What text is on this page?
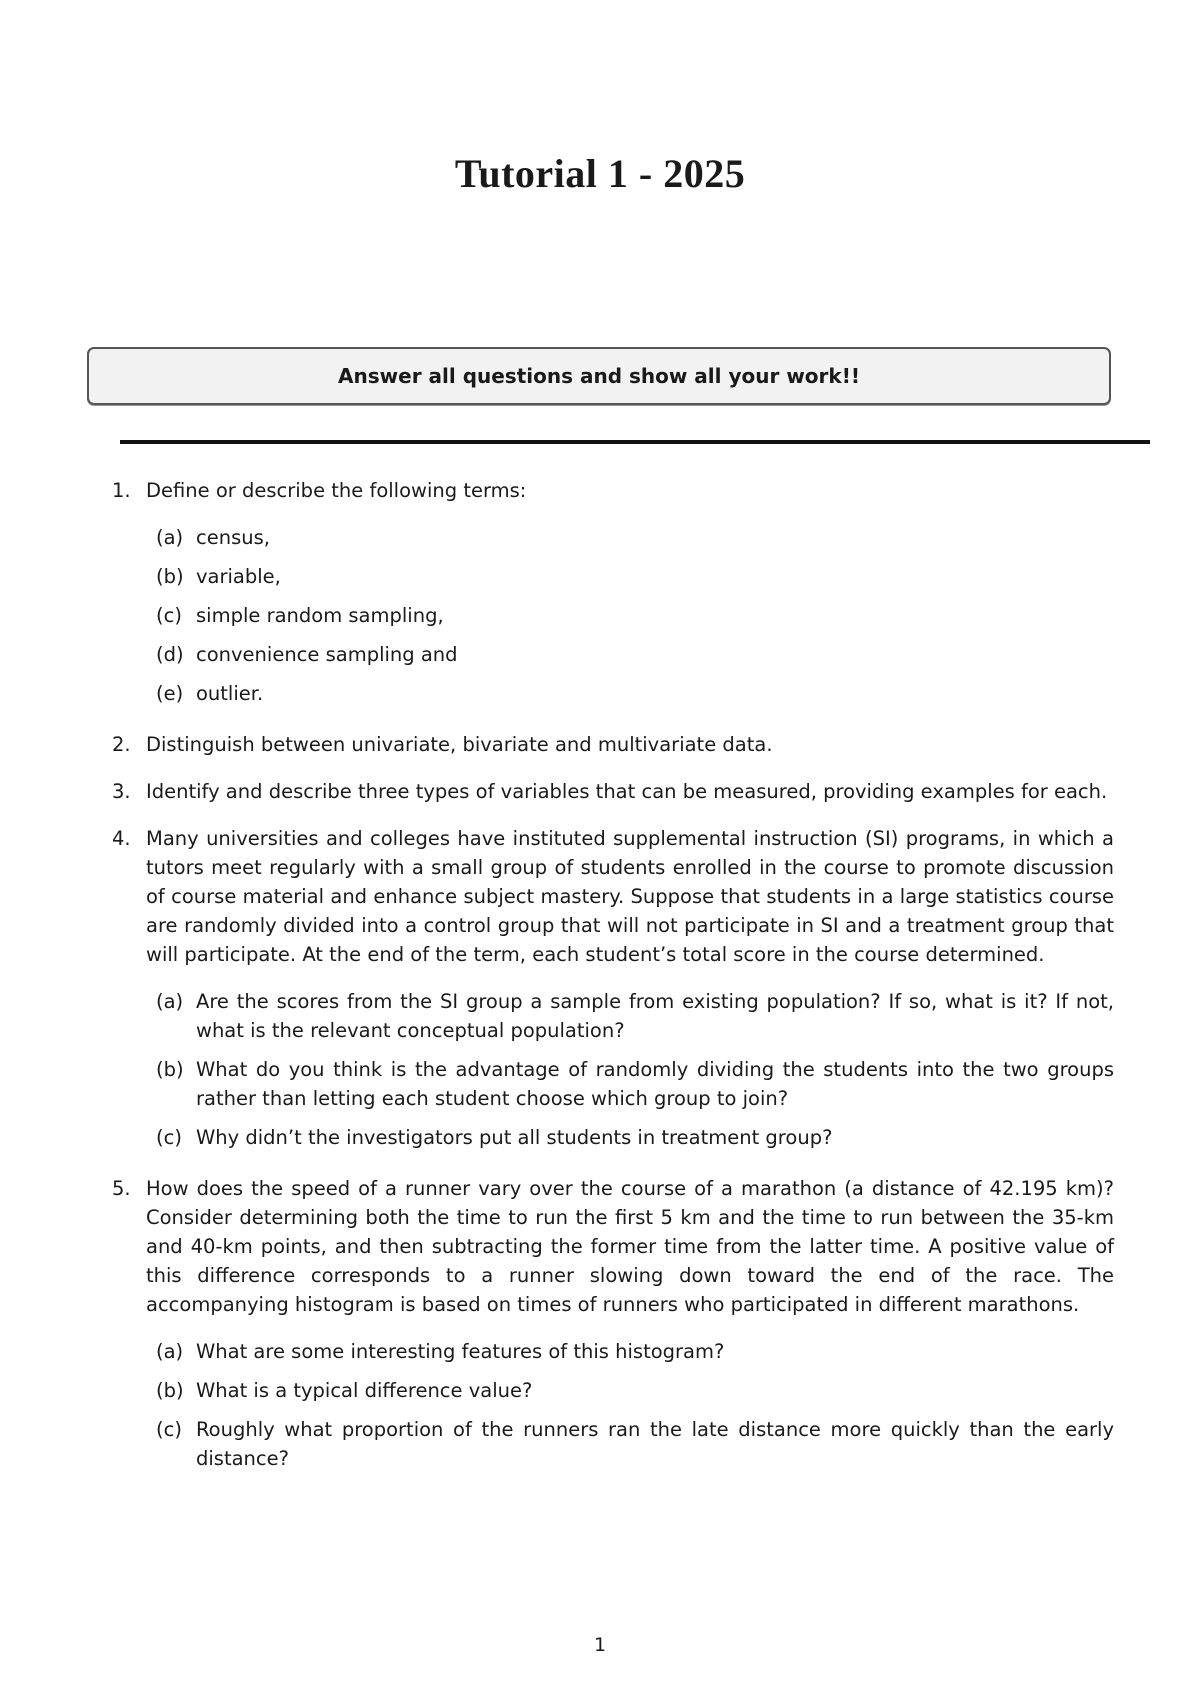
Tutorial 1 - 2025
Answer all questions and show all your work!!
1. Define or describe the following terms:
(a) census,
(b) variable,
(c) simple random sampling,
(d) convenience sampling and
(e) outlier.
2. Distinguish between univariate, bivariate and multivariate data.
3. Identify and describe three types of variables that can be measured, providing examples for each.
4. Many universities and colleges have instituted supplemental instruction (SI) programs, in which a tutors meet regularly with a small group of students enrolled in the course to promote discussion of course material and enhance subject mastery. Suppose that students in a large statistics course are randomly divided into a control group that will not participate in SI and a treatment group that will participate. At the end of the term, each student’s total score in the course determined.
(a) Are the scores from the SI group a sample from existing population? If so, what is it? If not, what is the relevant conceptual population?
(b) What do you think is the advantage of randomly dividing the students into the two groups rather than letting each student choose which group to join?
(c) Why didn’t the investigators put all students in treatment group?
5. How does the speed of a runner vary over the course of a marathon (a distance of 42.195 km)? Consider determining both the time to run the first 5 km and the time to run between the 35-km and 40-km points, and then subtracting the former time from the latter time. A positive value of this difference corresponds to a runner slowing down toward the end of the race. The accompanying histogram is based on times of runners who participated in different marathons.
(a) What are some interesting features of this histogram?
(b) What is a typical difference value?
(c) Roughly what proportion of the runners ran the late distance more quickly than the early distance?
1
